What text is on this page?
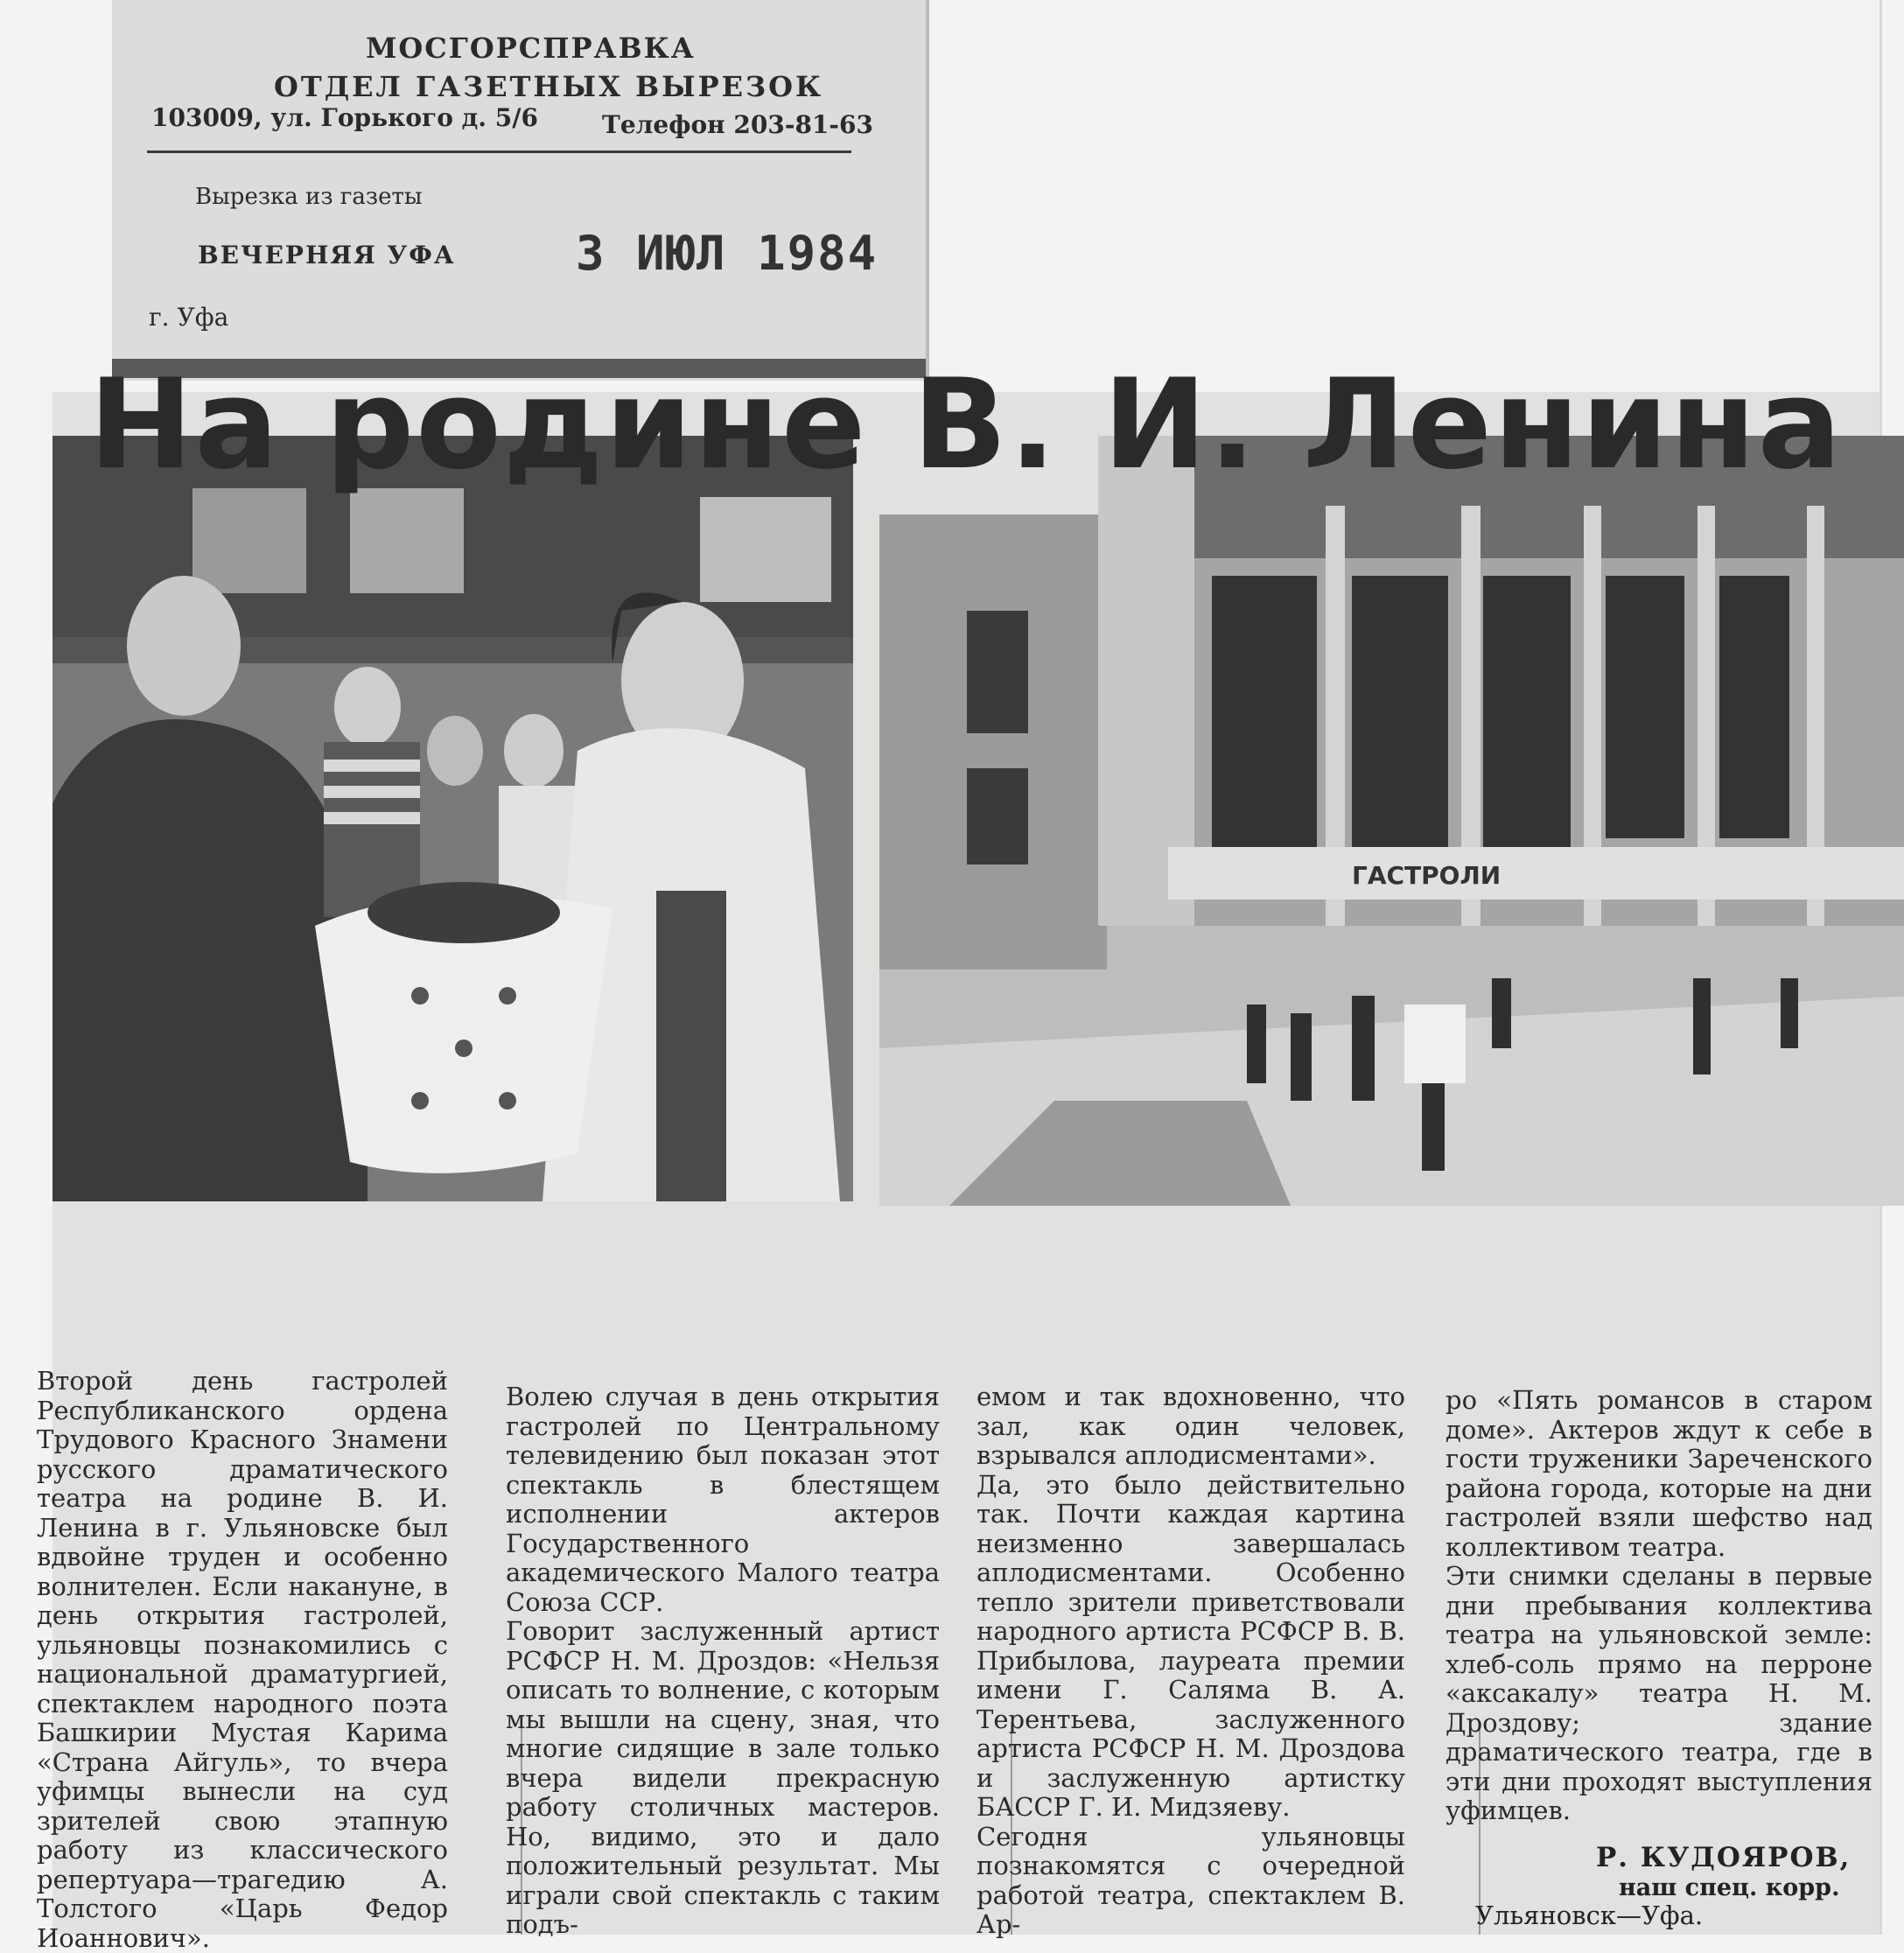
МОСГОРСПРАВКА
ОТДЕЛ ГАЗЕТНЫХ ВЫРЕЗОК
103009, ул. Горького д. 5/6	Телефон 203-81-63
Вырезка из газеты
ВЕЧЕРНЯЯ УФА	3 ИЮЛ 1984
г. Уфа
ГАСТРОЛИ
На родине В. И. Ленина
Второй день гастролей Республиканского ордена Трудового Красного Знамени русского драматического театра на родине В. И. Ленина в г. Ульяновске был вдвойне труден и особенно волнителен. Если накануне, в день открытия гастролей, ульяновцы познакомились с национальной драматургией, спектаклем народного поэта Башкирии Мустая Карима «Страна Айгуль», то вчера уфимцы вынесли на суд зрителей свою этапную работу из классического репертуара—трагедию А. Толстого «Царь Федор Иоаннович».
Волею случая в день открытия гастролей по Центральному телевидению был показан этот спектакль в блестящем исполнении актеров Государственного академического Малого театра Союза ССР.
Говорит заслуженный артист РСФСР Н. М. Дроздов: «Нельзя описать то волнение, с которым мы вышли на сцену, зная, что многие сидящие в зале только вчера видели прекрасную работу столичных мастеров. Но, видимо, это и дало положительный результат. Мы играли свой спектакль с таким подъ-
емом и так вдохновенно, что зал, как один человек, взрывался аплодисментами».
Да, это было действительно так. Почти каждая картина неизменно завершалась аплодисментами. Особенно тепло зрители приветствовали народного артиста РСФСР В. В. Прибылова, лауреата премии имени Г. Саляма В. А. Терентьева, заслуженного артиста РСФСР Н. М. Дроздова и заслуженную артистку БАССР Г. И. Мидзяеву.
Сегодня ульяновцы познакомятся с очередной работой театра, спектаклем В. Ар-
ро «Пять романсов в старом доме». Актеров ждут к себе в гости труженики Зареченского района города, которые на дни гастролей взяли шефство над коллективом театра.
Эти снимки сделаны в первые дни пребывания коллектива театра на ульяновской земле: хлеб-соль прямо на перроне «аксакалу» театра Н. М. Дроздову; здание драматического театра, где в эти дни проходят выступления уфимцев.
Р. КУДОЯРОВ,
наш спец. корр.
Ульяновск—Уфа.
